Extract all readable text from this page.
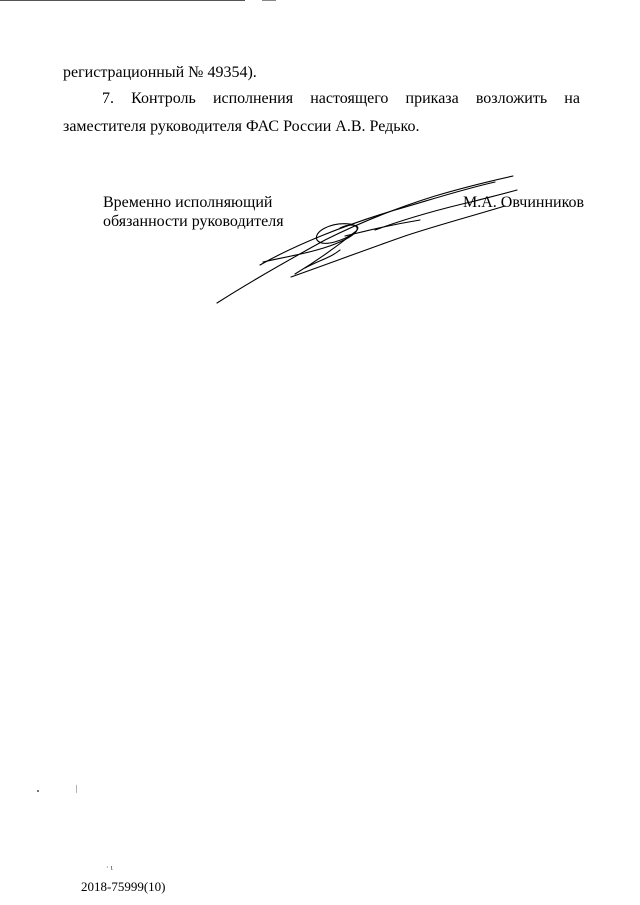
регистрационный № 49354).
7. Контроль исполнения настоящего приказа возложить на
заместителя руководителя ФАС России А.В. Редько.
Временно исполняющий
обязанности руководителя
М.А. Овчинников
⁄
· ι
2018-75999(10)
